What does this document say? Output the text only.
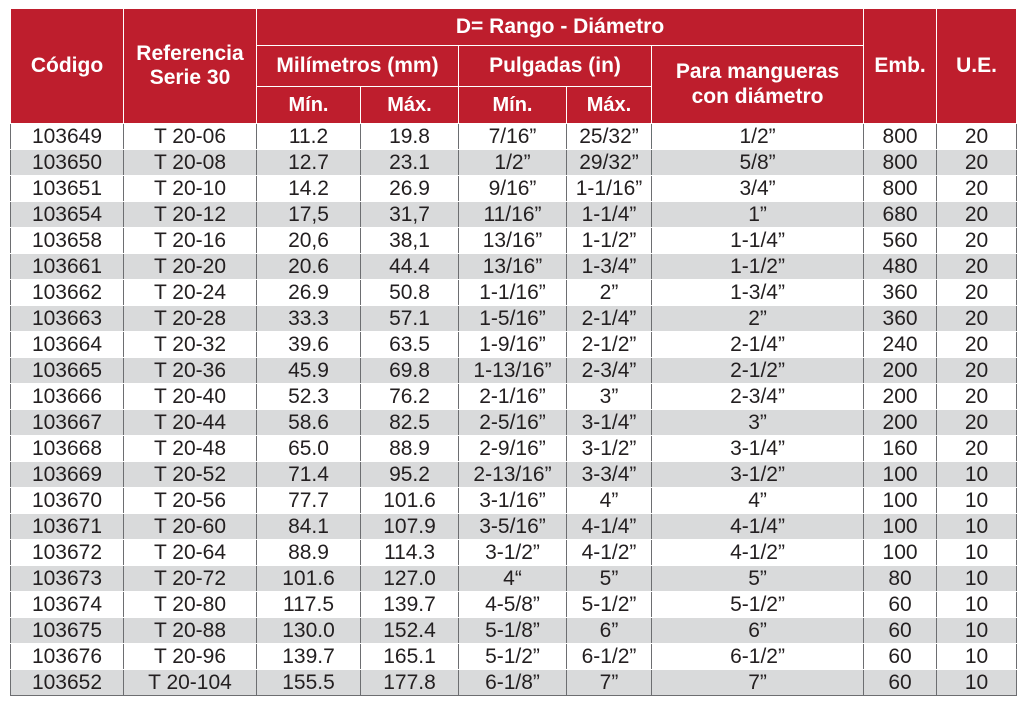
Código	Referencia Serie 30	D= Rango - Diámetro					Emb.	U.E.
		Milímetros (mm)		Pulgadas (in)		Para mangueras con diámetro		
		Mín.	Máx.	Mín.	Máx.			
103649	T 20-06	11.2	19.8	7/16”	25/32”	1/2”	800	20
103650	T 20-08	12.7	23.1	1/2”	29/32”	5/8”	800	20
103651	T 20-10	14.2	26.9	9/16”	1-1/16”	3/4”	800	20
103654	T 20-12	17,5	31,7	11/16”	1-1/4”	1”	680	20
103658	T 20-16	20,6	38,1	13/16”	1-1/2”	1-1/4”	560	20
103661	T 20-20	20.6	44.4	13/16”	1-3/4”	1-1/2”	480	20
103662	T 20-24	26.9	50.8	1-1/16”	2”	1-3/4”	360	20
103663	T 20-28	33.3	57.1	1-5/16”	2-1/4”	2”	360	20
103664	T 20-32	39.6	63.5	1-9/16”	2-1/2”	2-1/4”	240	20
103665	T 20-36	45.9	69.8	1-13/16”	2-3/4”	2-1/2”	200	20
103666	T 20-40	52.3	76.2	2-1/16”	3”	2-3/4”	200	20
103667	T 20-44	58.6	82.5	2-5/16”	3-1/4”	3”	200	20
103668	T 20-48	65.0	88.9	2-9/16”	3-1/2”	3-1/4”	160	20
103669	T 20-52	71.4	95.2	2-13/16”	3-3/4”	3-1/2”	100	10
103670	T 20-56	77.7	101.6	3-1/16”	4”	4”	100	10
103671	T 20-60	84.1	107.9	3-5/16”	4-1/4”	4-1/4”	100	10
103672	T 20-64	88.9	114.3	3-1/2”	4-1/2”	4-1/2”	100	10
103673	T 20-72	101.6	127.0	4“	5”	5”	80	10
103674	T 20-80	117.5	139.7	4-5/8”	5-1/2”	5-1/2”	60	10
103675	T 20-88	130.0	152.4	5-1/8”	6”	6”	60	10
103676	T 20-96	139.7	165.1	5-1/2”	6-1/2”	6-1/2”	60	10
103652	T 20-104	155.5	177.8	6-1/8”	7”	7”	60	10
